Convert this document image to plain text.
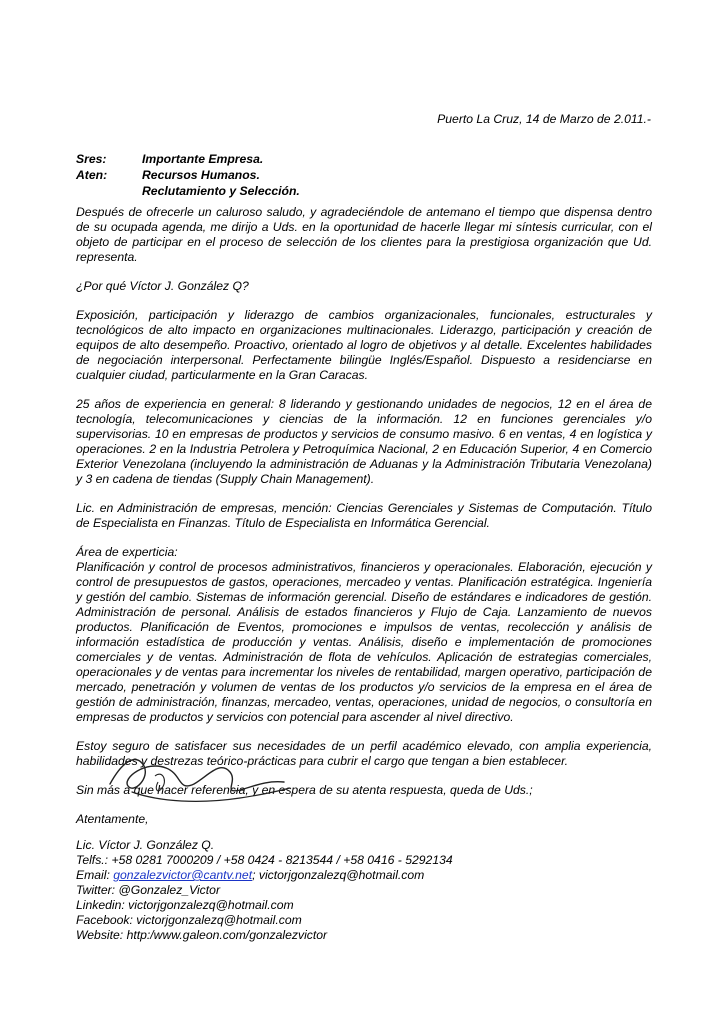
Puerto La Cruz, 14 de Marzo de 2.011.-
Sres:	Importante Empresa.
Aten:	Recursos Humanos.
Reclutamiento y Selección.

Después de ofrecerle un caluroso saludo, y agradeciéndole de antemano el tiempo que dispensa dentro de su ocupada agenda, me dirijo a Uds. en la oportunidad de hacerle llegar mi síntesis curricular, con el objeto de participar en el proceso de selección de los clientes para la prestigiosa organización que Ud. representa.

¿Por qué Víctor J. González Q?

Exposición, participación y liderazgo de cambios organizacionales, funcionales, estructurales y tecnológicos de alto impacto en organizaciones multinacionales. Liderazgo, participación y creación de equipos de alto desempeño. Proactivo, orientado al logro de objetivos y al detalle. Excelentes habilidades de negociación interpersonal. Perfectamente bilingüe Inglés/Español. Dispuesto a residenciarse en cualquier ciudad, particularmente en la Gran Caracas.

25 años de experiencia en general: 8 liderando y gestionando unidades de negocios, 12 en el área de tecnología, telecomunicaciones y ciencias de la información. 12 en funciones gerenciales y/o supervisorias. 10 en empresas de productos y servicios de consumo masivo. 6 en ventas, 4 en logística y operaciones. 2 en la Industria Petrolera y Petroquímica Nacional, 2 en Educación Superior, 4 en Comercio Exterior Venezolana (incluyendo la administración de Aduanas y la Administración Tributaria Venezolana) y 3 en cadena de tiendas (Supply Chain Management).

Lic. en Administración de empresas, mención: Ciencias Gerenciales y Sistemas de Computación. Título de Especialista en Finanzas. Título de Especialista en Informática Gerencial.

Área de experticia:
Planificación y control de procesos administrativos, financieros y operacionales. Elaboración, ejecución y control de presupuestos de gastos, operaciones, mercadeo y ventas. Planificación estratégica. Ingeniería y gestión del cambio. Sistemas de información gerencial. Diseño de estándares e indicadores de gestión. Administración de personal. Análisis de estados financieros y Flujo de Caja. Lanzamiento de nuevos productos. Planificación de Eventos, promociones e impulsos de ventas, recolección y análisis de información estadística de producción y ventas. Análisis, diseño e implementación de promociones comerciales y de ventas. Administración de flota de vehículos. Aplicación de estrategias comerciales, operacionales y de ventas para incrementar los niveles de rentabilidad, margen operativo, participación de mercado, penetración y volumen de ventas de los productos y/o servicios de la empresa en el área de gestión de administración, finanzas, mercadeo, ventas, operaciones, unidad de negocios, o consultoría en empresas de productos y servicios con potencial para ascender al nivel directivo.

Estoy seguro de satisfacer sus necesidades de un perfil académico elevado, con amplia experiencia, habilidades y destrezas teórico-prácticas para cubrir el cargo que tengan a bien establecer.

Sin más a que hacer referencia, y en espera de su atenta respuesta, queda de Uds.;

Atentamente,

Lic. Víctor J. González Q.
Telfs.: +58 0281 7000209 / +58 0424 - 8213544 / +58 0416 - 5292134
Email: gonzalezvictor@cantv.net; victorjgonzalezq@hotmail.com
Twitter: @Gonzalez_Victor
Linkedin: victorjgonzalezq@hotmail.com
Facebook: victorjgonzalezq@hotmail.com
Website: http:/www.galeon.com/gonzalezvictor
